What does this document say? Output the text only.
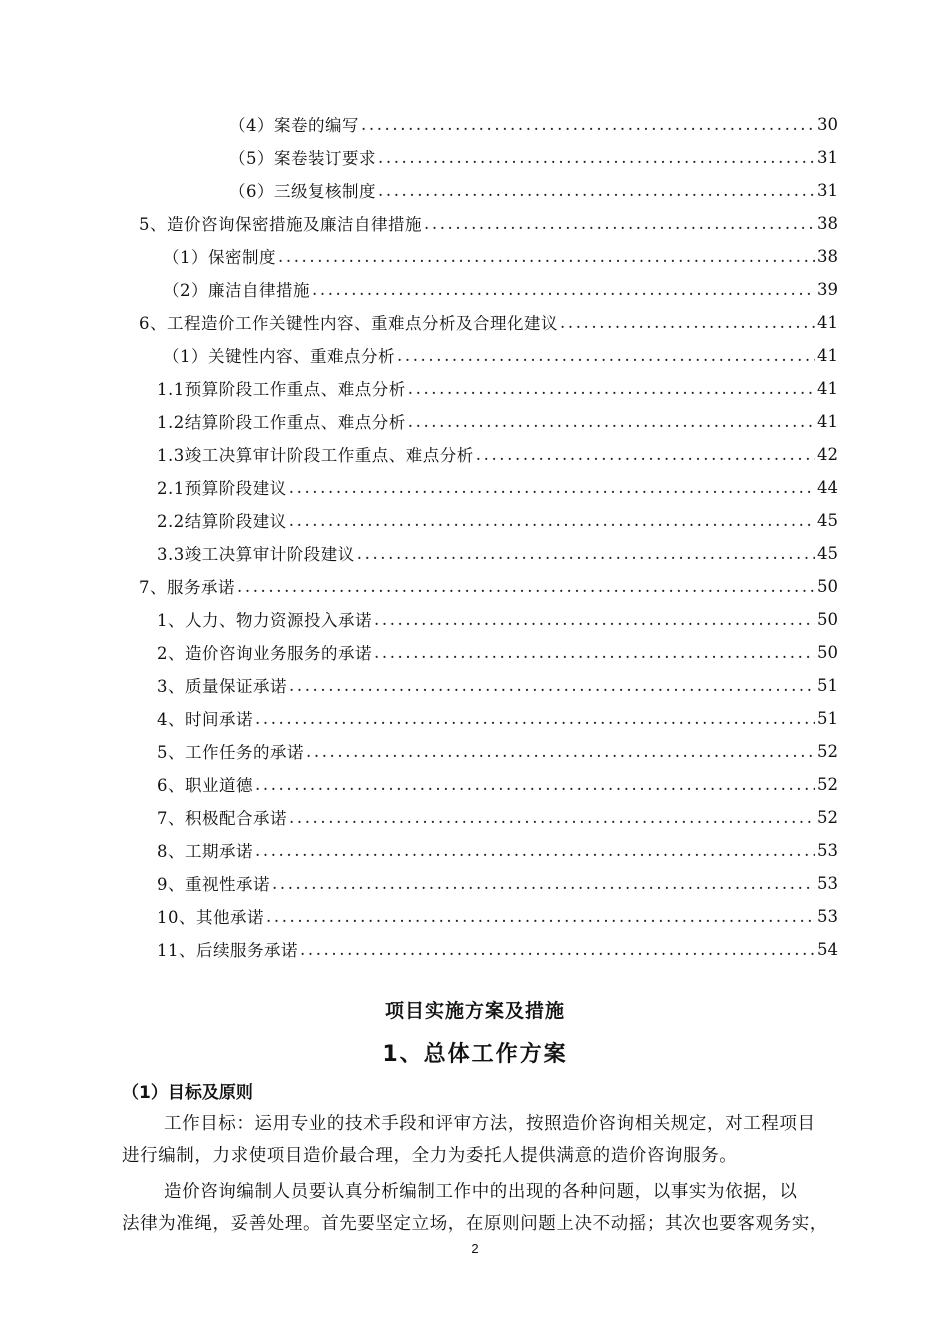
（4）案卷的编写 .....	30
（5）案卷装订要求 .....	31
（6）三级复核制度 .....	31
5、造价咨询保密措施及廉洁自律措施 .....	38
（1）保密制度 .....	38
（2）廉洁自律措施 .....	39
6、工程造价工作关键性内容、重难点分析及合理化建议 .....	41
（1）关键性内容、重难点分析 .....	41
1.1预算阶段工作重点、难点分析 .....	41
1.2结算阶段工作重点、难点分析 .....	41
1.3竣工决算审计阶段工作重点、难点分析 .....	42
2.1预算阶段建议 .....	44
2.2结算阶段建议 .....	45
3.3竣工决算审计阶段建议 .....	45
7、服务承诺 .....	50
1、人力、物力资源投入承诺 .....	50
2、造价咨询业务服务的承诺 .....	50
3、质量保证承诺 .....	51
4、时间承诺 .....	51
5、工作任务的承诺 .....	52
6、职业道德 .....	52
7、积极配合承诺 .....	52
8、工期承诺 .....	53
9、重视性承诺 .....	53
10、其他承诺 .....	53
11、后续服务承诺 .....	54
项目实施方案及措施
1、总体工作方案
（1）目标及原则
工作目标：运用专业的技术手段和评审方法，按照造价咨询相关规定，对工程项目
进行编制，力求使项目造价最合理，全力为委托人提供满意的造价咨询服务。
造价咨询编制人员要认真分析编制工作中的出现的各种问题，以事实为依据，以
法律为准绳，妥善处理。首先要坚定立场，在原则问题上决不动摇；其次也要客观务实，
2
